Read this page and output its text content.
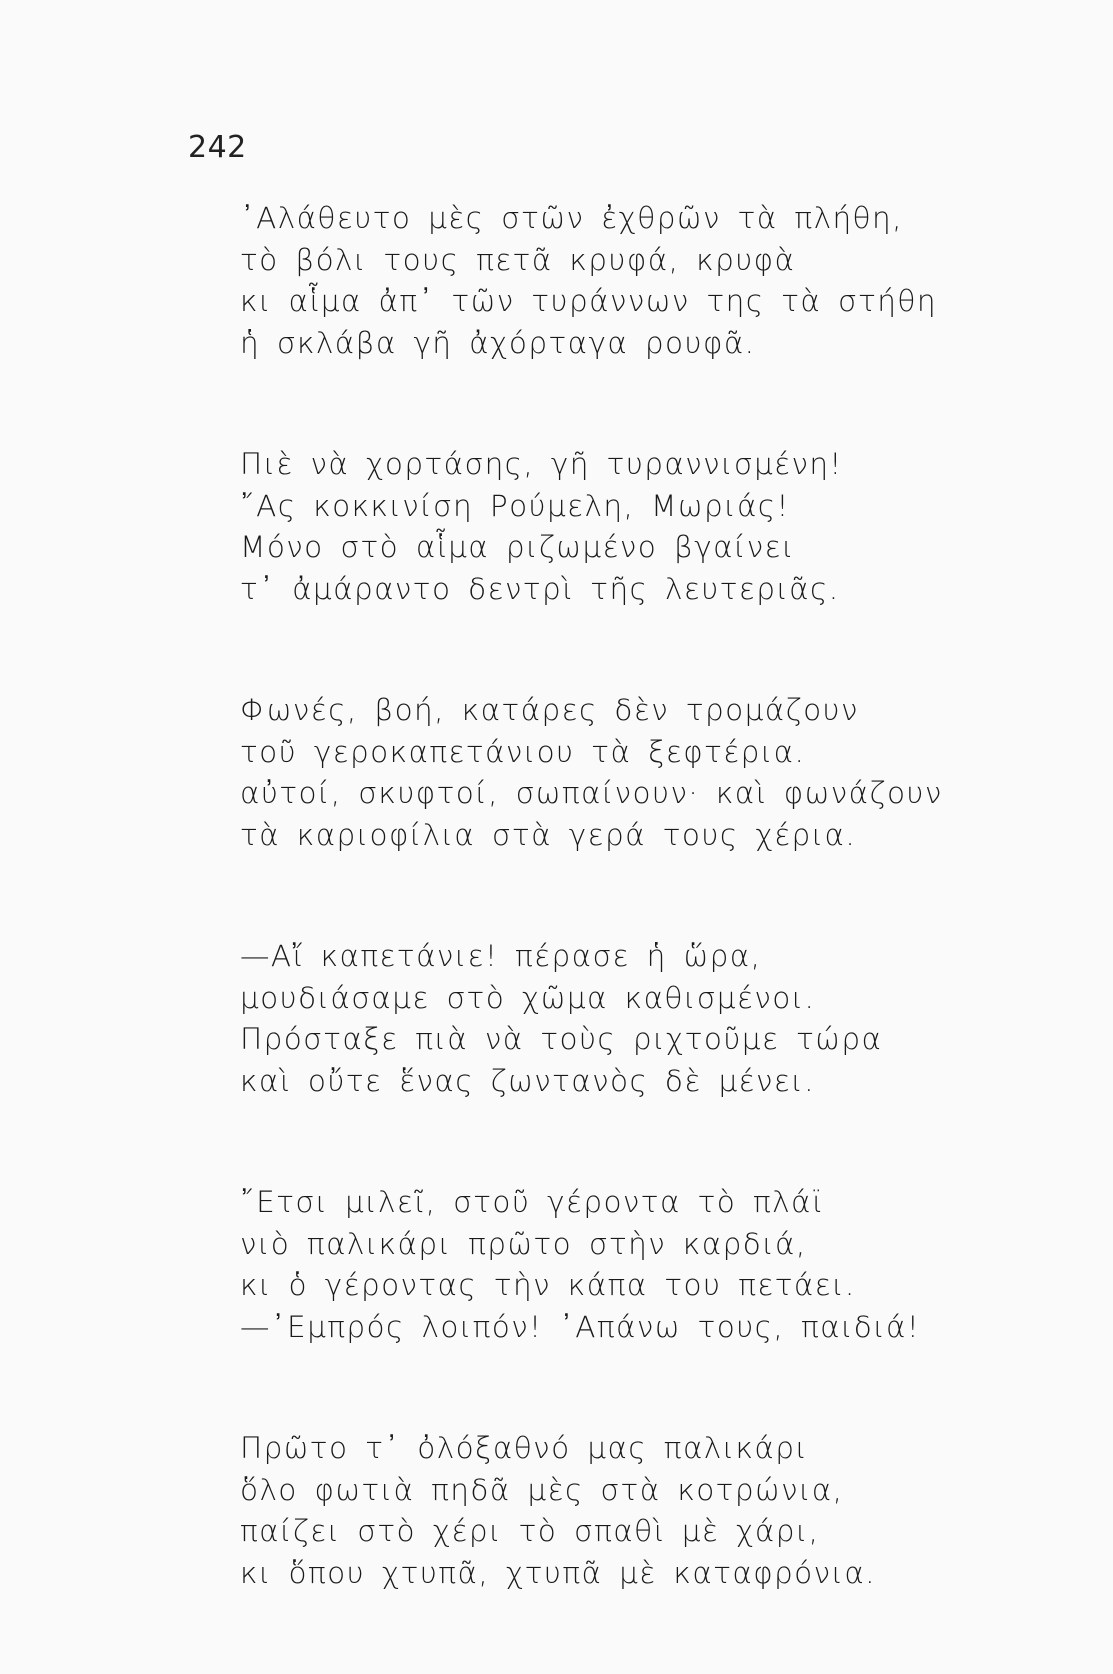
242
᾿Αλάθευτο μὲς στῶν ἐχθρῶν τὰ πλήθη,
τὸ βόλι τους πετᾶ κρυφά, κρυφὰ
κι αἷμα ἀπ᾿ τῶν τυράννων της τὰ στήθη
ἡ σκλάβα γῆ ἀχόρταγα ρουφᾶ.
Πιὲ νὰ χορτάσης, γῆ τυραννισμένη!
῎Ας κοκκινίση Ρούμελη, Μωριάς!
Μόνο στὸ αἷμα ριζωμένο βγαίνει
τ᾿ ἀμάραντο δεντρὶ τῆς λευτεριᾶς.
Φωνές, βοή, κατάρες δὲν τρομάζουν
τοῦ γεροκαπετάνιου τὰ ξεφτέρια.
αὐτοί, σκυφτοί, σωπαίνουν· καὶ φωνάζουν
τὰ καριοφίλια στὰ γερά τους χέρια.
—Αἴ καπετάνιε! πέρασε ἡ ὥρα,
μουδιάσαμε στὸ χῶμα καθισμένοι.
Πρόσταξε πιὰ νὰ τοὺς ριχτοῦμε τώρα
καὶ οὔτε ἕνας ζωντανὸς δὲ μένει.
῎Ετσι μιλεῖ, στοῦ γέροντα τὸ πλάϊ
νιὸ παλικάρι πρῶτο στὴν καρδιά,
κι ὁ γέροντας τὴν κάπα του πετάει.
—᾿Εμπρός λοιπόν! ᾿Απάνω τους, παιδιά!
Πρῶτο τ᾿ ὀλόξαθνό μας παλικάρι
ὅλο φωτιὰ πηδᾶ μὲς στὰ κοτρώνια,
παίζει στὸ χέρι τὸ σπαθὶ μὲ χάρι,
κι ὅπου χτυπᾶ, χτυπᾶ μὲ καταφρόνια.
